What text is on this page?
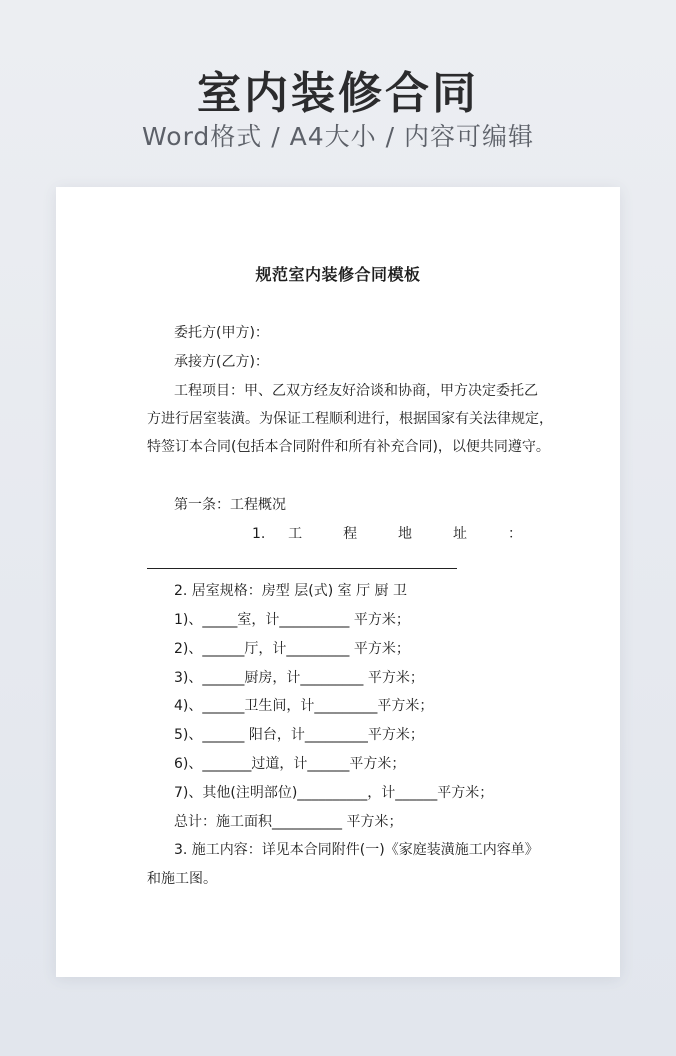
室内装修合同
Word格式 / A4大小 / 内容可编辑
规范室内装修合同模板
委托方(甲方)：
承接方(乙方)：
工程项目：甲、乙双方经友好洽谈和协商，甲方决定委托乙
方进行居室装潢。为保证工程顺利进行，根据国家有关法律规定，
特签订本合同(包括本合同附件和所有补充合同)，以便共同遵守。
第一条：工程概况
1. 工 程 地 址 ：
2. 居室规格：房型 层(式) 室 厅 厨 卫
1)、_____室，计__________ 平方米；
2)、______厅，计_________ 平方米；
3)、______厨房，计_________ 平方米；
4)、______卫生间，计_________平方米；
5)、______ 阳台，计_________平方米；
6)、_______过道，计______平方米；
7)、其他(注明部位)__________，计______平方米；
总计：施工面积__________ 平方米；
3. 施工内容：详见本合同附件(一)《家庭装潢施工内容单》
和施工图。
